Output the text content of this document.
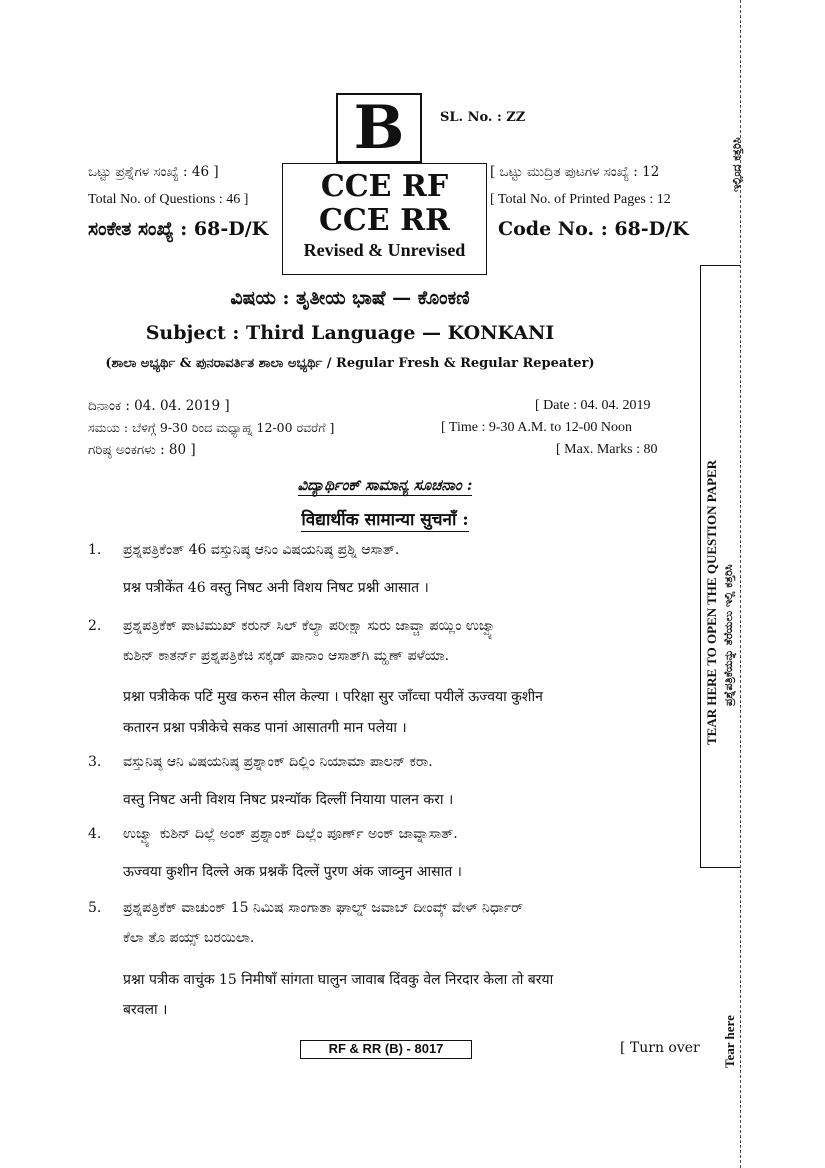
B	SL. No. : ZZ
ಒಟ್ಟು ಪ್ರಶ್ನೆಗಳ ಸಂಖ್ಯೆ : 46 ]
Total No. of Questions : 46 ]
ಸಂಕೇತ ಸಂಖ್ಯೆ : 68-D/K
CCE RF
CCE RR
Revised & Unrevised
[ ಒಟ್ಟು ಮುದ್ರಿತ ಪುಟಗಳ ಸಂಖ್ಯೆ : 12
[ Total No. of Printed Pages : 12
Code No. : 68-D/K
ವಿಷಯ : ತೃತೀಯ ಭಾಷೆ — ಕೊಂಕಣಿ
Subject : Third Language — KONKANI
(ಶಾಲಾ ಅಭ್ಯರ್ಥಿ & ಪುನರಾವರ್ತಿತ ಶಾಲಾ ಅಭ್ಯರ್ಥಿ / Regular Fresh & Regular Repeater)
ದಿನಾಂಕ : 04. 04. 2019 ]	[ Date : 04. 04. 2019
ಸಮಯ : ಬೆಳಿಗ್ಗೆ 9-30 ರಿಂದ ಮಧ್ಯಾಹ್ನ 12-00 ರವರೆಗೆ ]	[ Time : 9-30 A.M. to 12-00 Noon
ಗರಿಷ್ಠ ಅಂಕಗಳು : 80 ]	[ Max. Marks : 80
ವಿದ್ಯಾರ್ಥಿಂಕ್ ಸಾಮಾನ್ಯ ಸೂಚನಾಂ :
विद्यार्थीक सामान्या सुचनाँ :
1. ಪ್ರಶ್ನಪತ್ರಿಕೆಂತ್ 46 ವಸ್ತುನಿಷ್ಠ ಆನಿಂ ವಿಷಯನಿಷ್ಠ ಪ್ರಶ್ನಿ ಆಸಾತ್.
प्रश्न पत्रीकेंत 46 वस्तु निषट अनी विशय निषट प्रश्नी आसात ।
2. ಪ್ರಶ್ನಪತ್ರಿಕೆಕ್ ಪಾಟಿಮುಖ್ ಕರುನ್ ಸಿಲ್ ಕೆಲ್ಯಾ ಪರೀಕ್ಷಾ ಸುರು ಜಾವ್ಚಾ ಪಯ್ಲಿಂ ಉಜ್ವ್ಯಾ
ಕುಶಿನ್ ಕಾತರ್ನ್ ಪ್ರಶ್ನಪತ್ರಿಕೆಚಿ ಸಕ್ಕಡ್ ಪಾನಾಂ ಆಸಾತ್‌ಗಿ ಮ್ಹಣ್ ಪಳೆಯಾ.
प्रश्ना पत्रीकेक पटिं मुख करुन सील केल्या । परिक्षा सुर जाँव्चा पयीलें ऊज्वया कुशीन
कतारन प्रश्ना पत्रीकेचे सकड पानां आसातगी मान पलेया ।
3. ವಸ್ತುನಿಷ್ಠ ಆನಿ ವಿಷಯನಿಷ್ಠ ಪ್ರಶ್ನಾಂಕ್ ದಿಲ್ಲಿಂ ನಿಯಾಮಾ ಪಾಲನ್ ಕರಾ.
वस्तु निषट अनी विशय निषट प्रश्न्यॉक दिल्लीं नियाया पालन करा ।
4. ಉಜ್ವ್ಯಾ ಕುಶಿನ್ ದಿಲ್ಲೆ ಅಂಕ್ ಪ್ರಶ್ನಾಂಕ್ ದಿಲ್ಲೆಂ ಪೂರ್ಣ್ ಅಂಕ್ ಜಾವ್ನಾಸಾತ್.
ऊज्वया कुशीन दिल्ले अक प्रश्नकँ दिल्लें पुरण अंक जाव्नुन आसात ।
5. ಪ್ರಶ್ನಪತ್ರಿಕೆಕ್ ವಾಚುಂಕ್ 15 ನಿಮಿಷ ಸಾಂಗಾತಾ ಘಾಲ್ನ್ ಜವಾಬ್ ದೀಂವ್ಕ್ ವೇಳ್ ನಿರ್ಧಾರ್
ಕೆಲಾ ತೊ ಪಯ್ಸ್ ಬರಯಿಲಾ.
प्रश्ना पत्रीक वाचुंक 15 निमीषाँ सांगता घालुन जावाब दिंवकु वेल निरदार केला तो बरया
बरवला ।
RF & RR (B) - 8017	[ Turn over
TEAR HERE TO OPEN THE QUESTION PAPER ಪ್ರಶ್ನೆಪತ್ರಿಕೆಯನ್ನು ತೆರೆಯಲು ಇಲ್ಲಿ ಕತ್ತರಿಸಿ
ಇಲ್ಲಿಂದ ಕತ್ತರಿಸಿ
Tear here
